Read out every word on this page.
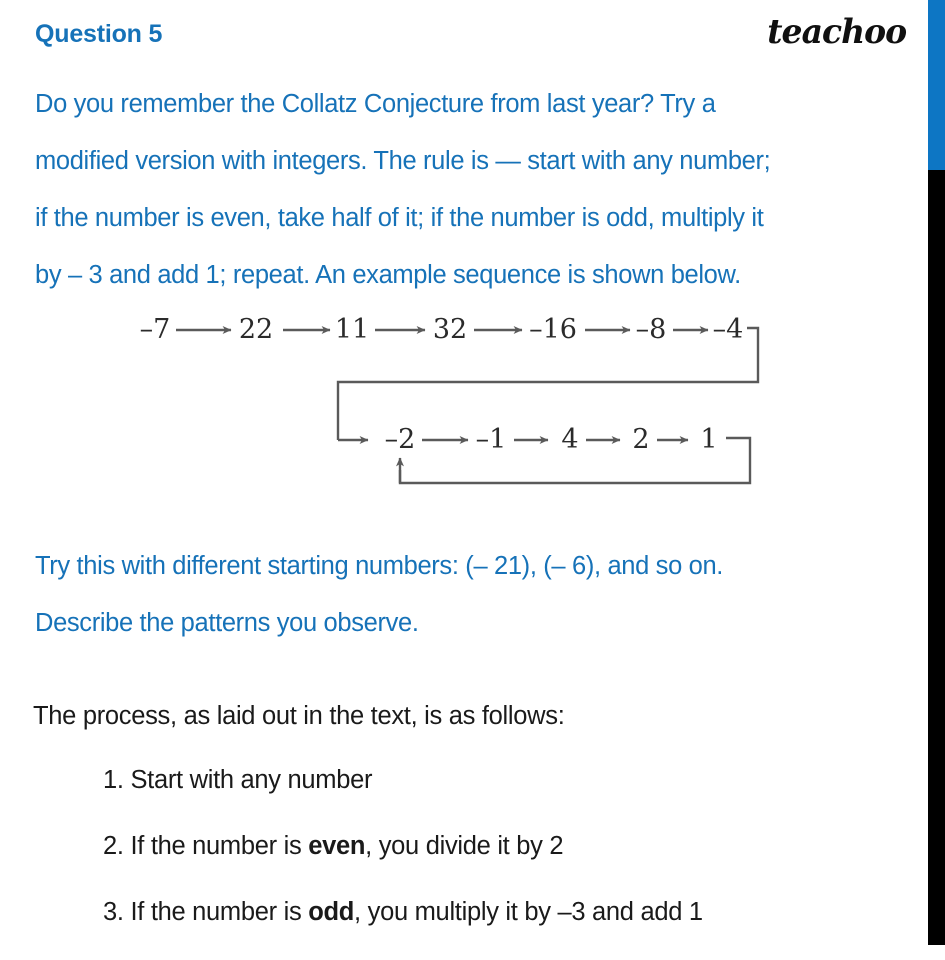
Question 5	teachoo
Do you remember the Collatz Conjecture from last year? Try a
modified version with integers. The rule is — start with any number;
if the number is even, take half of it; if the number is odd, multiply it
by – 3 and add 1; repeat. An example sequence is shown below.
–7	22 11 32 –16 –8 –4
–2 –1 4 2 1
Try this with different starting numbers: (– 21), (– 6), and so on.
Describe the patterns you observe.
The process, as laid out in the text, is as follows:
1. Start with any number
2. If the number is even, you divide it by 2
3. If the number is odd, you multiply it by –3 and add 1
